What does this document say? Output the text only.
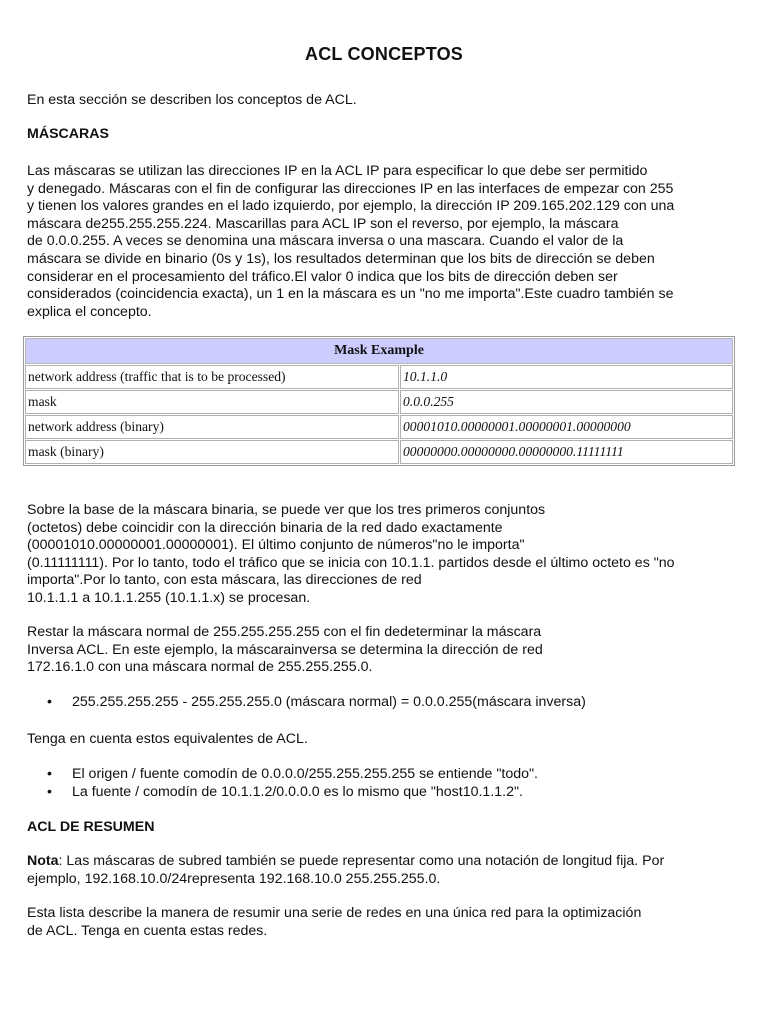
ACL CONCEPTOS
En esta sección se describen los conceptos de ACL.
MÁSCARAS
Las máscaras se utilizan las direcciones IP en la ACL IP para especificar lo que debe ser permitido
y denegado. Máscaras con el fin de configurar las direcciones IP en las interfaces de empezar con 255
y tienen los valores grandes en el lado izquierdo, por ejemplo, la dirección IP 209.165.202.129 con una
máscara de255.255.255.224. Mascarillas para ACL IP son el reverso, por ejemplo, la máscara
de 0.0.0.255. A veces se denomina una máscara inversa o una mascara. Cuando el valor de la
máscara se divide en binario (0s y 1s), los resultados determinan que los bits de dirección se deben
considerar en el procesamiento del tráfico.El valor 0 indica que los bits de dirección deben ser
considerados (coincidencia exacta), un 1 en la máscara es un "no me importa".Este cuadro también se
explica el concepto.
Mask Example	
network address (traffic that is to be processed)	10.1.1.0
mask	0.0.0.255
network address (binary)	00001010.00000001.00000001.00000000
mask (binary)	00000000.00000000.00000000.11111111
Sobre la base de la máscara binaria, se puede ver que los tres primeros conjuntos
(octetos) debe coincidir con la dirección binaria de la red dado exactamente
(00001010.00000001.00000001). El último conjunto de números"no le importa"
(0.11111111). Por lo tanto, todo el tráfico que se inicia con 10.1.1. partidos desde el último octeto es "no
importa".Por lo tanto, con esta máscara, las direcciones de red
10.1.1.1 a 10.1.1.255 (10.1.1.x) se procesan.
Restar la máscara normal de 255.255.255.255 con el fin dedeterminar la máscara
Inversa ACL. En este ejemplo, la máscarainversa se determina la dirección de red
172.16.1.0 con una máscara normal de 255.255.255.0.
• 255.255.255.255 - 255.255.255.0 (máscara normal) = 0.0.0.255(máscara inversa)
Tenga en cuenta estos equivalentes de ACL.
• El origen / fuente comodín de 0.0.0.0/255.255.255.255 se entiende "todo".
• La fuente / comodín de 10.1.1.2/0.0.0.0 es lo mismo que "host10.1.1.2".
ACL DE RESUMEN
Nota: Las máscaras de subred también se puede representar como una notación de longitud fija. Por
ejemplo, 192.168.10.0/24representa 192.168.10.0 255.255.255.0.
Esta lista describe la manera de resumir una serie de redes en una única red para la optimización
de ACL. Tenga en cuenta estas redes.
